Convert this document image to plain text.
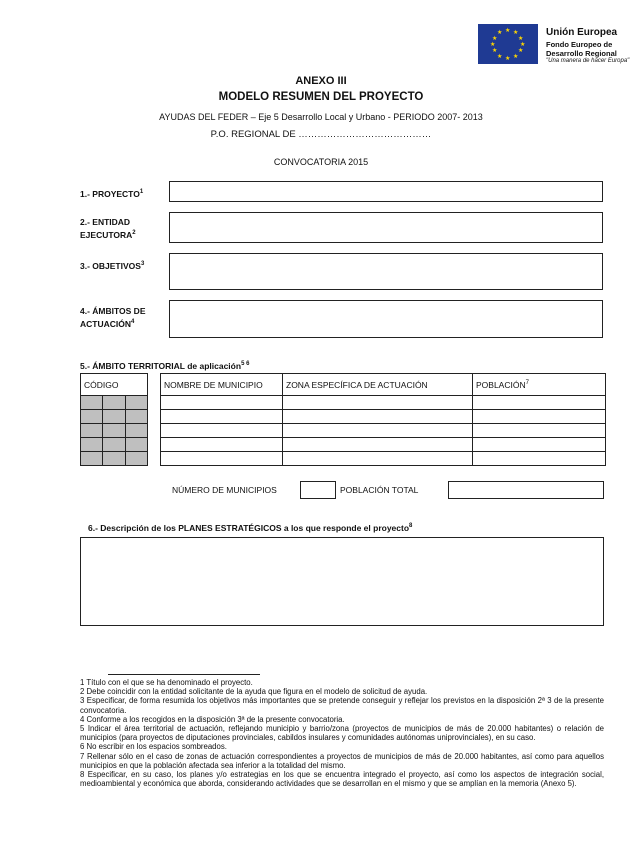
★ ★
★
★
★
★
★
★
★
★
★
★	Unión Europea
Fondo Europeo de
Desarrollo Regional
"Una manera de hacer Europa"
ANEXO III
MODELO RESUMEN DEL PROYECTO
AYUDAS DEL FEDER – Eje 5 Desarrollo Local y Urbano - PERIODO 2007- 2013
P.O. REGIONAL DE ……………………………………
CONVOCATORIA 2015
1.- PROYECTO$^1$
2.- ENTIDAD
EJECUTORA$^2$
3.- OBJETIVOS$^3$
4.- ÁMBITOS DE
ACTUACIÓN$^4$
5.- ÁMBITO TERRITORIAL de aplicación$^{5 6}$
CÓDIGO				NOMBRE DE MUNICIPIO	ZONA ESPECÍFICA DE ACTUACIÓN	POBLACIÓN$^7$

NÚMERO DE MUNICIPIOS	POBLACIÓN TOTAL
6.- Descripción de los PLANES ESTRATÉGICOS a los que responde el proyecto$^8$
1 Título con el que se ha denominado el proyecto.
2 Debe coincidir con la entidad solicitante de la ayuda que figura en el modelo de solicitud de ayuda.
3 Especificar, de forma resumida los objetivos más importantes que se pretende conseguir y reflejar los previstos en la disposición 2ª 3 de la presente convocatoria.
4 Conforme a los recogidos en la disposición 3ª de la presente convocatoria.
5 Indicar el área territorial de actuación, reflejando municipio y barrio/zona (proyectos de municipios de más de 20.000 habitantes) o relación de municipios (para proyectos de diputaciones provinciales, cabildos insulares y comunidades autónomas uniprovinciales), en su caso.
6 No escribir en los espacios sombreados.
7 Rellenar sólo en el caso de zonas de actuación correspondientes a proyectos de municipios de más de 20.000 habitantes, así como para aquellos municipios en que la población afectada sea inferior a la totalidad del mismo.
8 Especificar, en su caso, los planes y/o estrategias en los que se encuentra integrado el proyecto, así como los aspectos de integración social, medioambiental y económica que aborda, considerando actividades que se desarrollan en el mismo y que se amplían en la memoria (Anexo 5).
